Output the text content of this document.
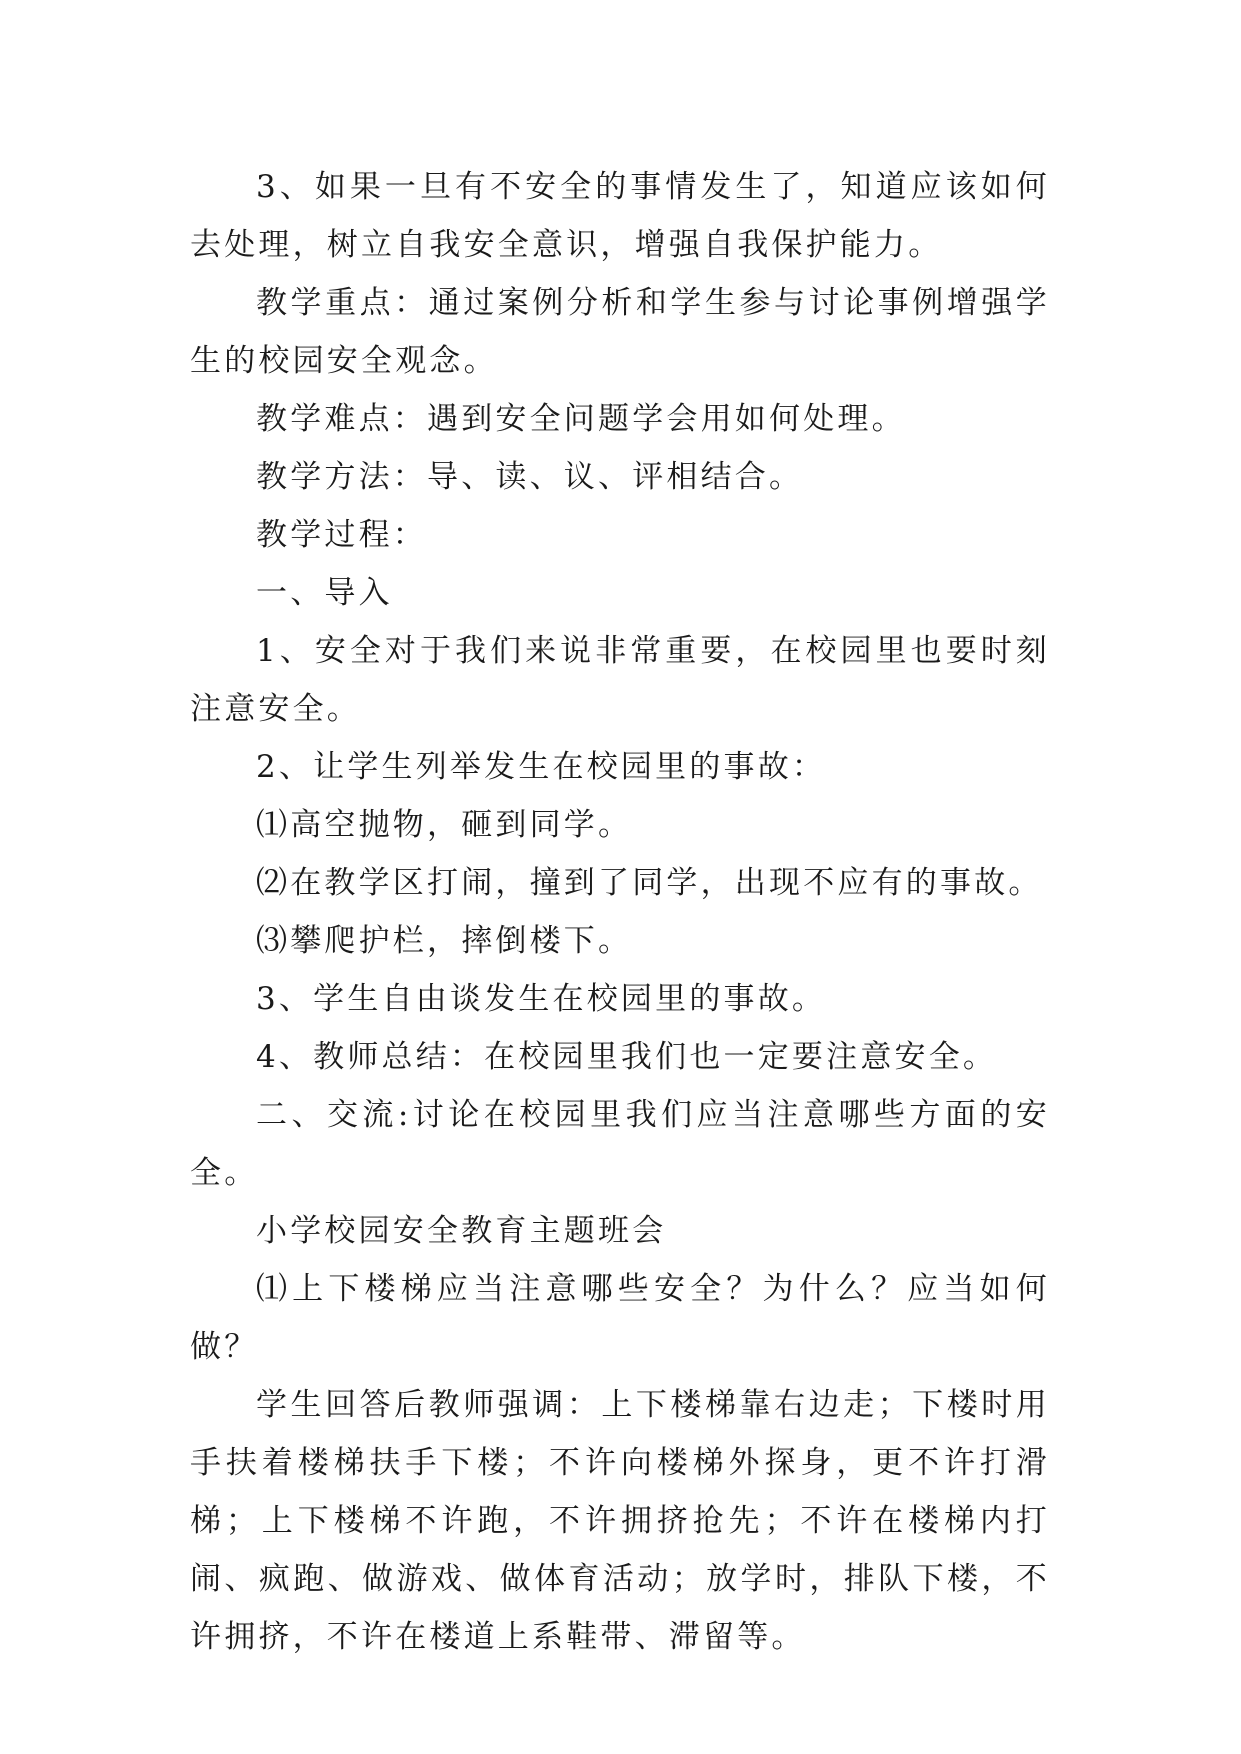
3、如果一旦有不安全的事情发生了，知道应该如何去处理，树立自我安全意识，增强自我保护能力。

教学重点：通过案例分析和学生参与讨论事例增强学生的校园安全观念。

教学难点：遇到安全问题学会用如何处理。

教学方法：导、读、议、评相结合。

教学过程：

一、导入

1、安全对于我们来说非常重要，在校园里也要时刻注意安全。

2、让学生列举发生在校园里的事故：

⑴高空抛物，砸到同学。

⑵在教学区打闹，撞到了同学，出现不应有的事故。

⑶攀爬护栏，摔倒楼下。

3、学生自由谈发生在校园里的事故。

4、教师总结：在校园里我们也一定要注意安全。

二、交流:讨论在校园里我们应当注意哪些方面的安全。

小学校园安全教育主题班会

⑴上下楼梯应当注意哪些安全？为什么？应当如何做？

学生回答后教师强调：上下楼梯靠右边走；下楼时用手扶着楼梯扶手下楼；不许向楼梯外探身，更不许打滑梯；上下楼梯不许跑，不许拥挤抢先；不许在楼梯内打闹、疯跑、做游戏、做体育活动；放学时，排队下楼，不许拥挤，不许在楼道上系鞋带、滞留等。
